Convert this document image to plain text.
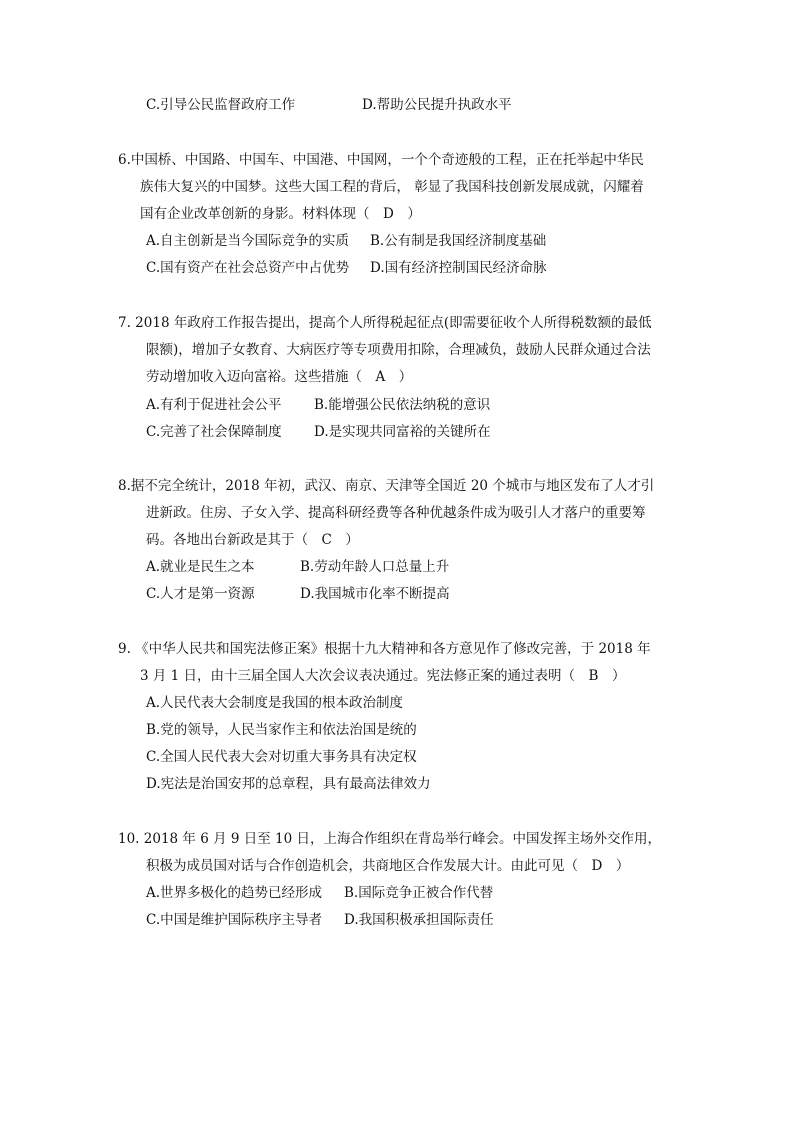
C.引导公民监督政府工作	D.帮助公民提升执政水平
6.中国桥、中国路、中国车、中国港、中国网，一个个奇迹般的工程，正在托举起中华民
族伟大复兴的中国梦。这些大国工程的背后， 彰显了我国科技创新发展成就，闪耀着
国有企业改革创新的身影。材料体现（　D　）
A.自主创新是当今国际竞争的实质 B.公有制是我国经济制度基础
C.国有资产在社会总资产中占优势 D.国有经济控制国民经济命脉
7. 2018 年政府工作报告提出，提高个人所得税起征点(即需要征收个人所得税数额的最低
限额)，增加子女教育、大病医疗等专项费用扣除，合理减负，鼓励人民群众通过合法
劳动增加收入迈向富裕。这些措施（　A　）
A.有利于促进社会公平 B.能增强公民依法纳税的意识
C.完善了社会保障制度 D.是实现共同富裕的关键所在
8.据不完全统计，2018 年初，武汉、南京、天津等全国近 20 个城市与地区发布了人才引
进新政。住房、子女入学、提高科研经费等各种优越条件成为吸引人才落户的重要筹
码。各地出台新政是其于（　C　）
A.就业是民生之本	B.劳动年龄人口总量上升
C.人才是第一资源	D.我国城市化率不断提高
9. 《中华人民共和国宪法修正案》根据十九大精神和各方意见作了修改完善，于 2018 年
3 月 1 日，由十三届全国人大次会议表决通过。宪法修正案的通过表明（　B　）
A.人民代表大会制度是我国的根本政治制度
B.党的领导，人民当家作主和依法治国是统的
C.全国人民代表大会对切重大事务具有决定权
D.宪法是治国安邦的总章程，具有最高法律效力
10. 2018 年 6 月 9 日至 10 日，上海合作组织在背岛举行峰会。中国发挥主场外交作用，
积极为成员国对话与合作创造机会，共商地区合作发展大计。由此可见（　D　）
A.世界多极化的趋势已经形成 B.国际竞争正被合作代替
C.中国是维护国际秩序主导者 D.我国积极承担国际责任
